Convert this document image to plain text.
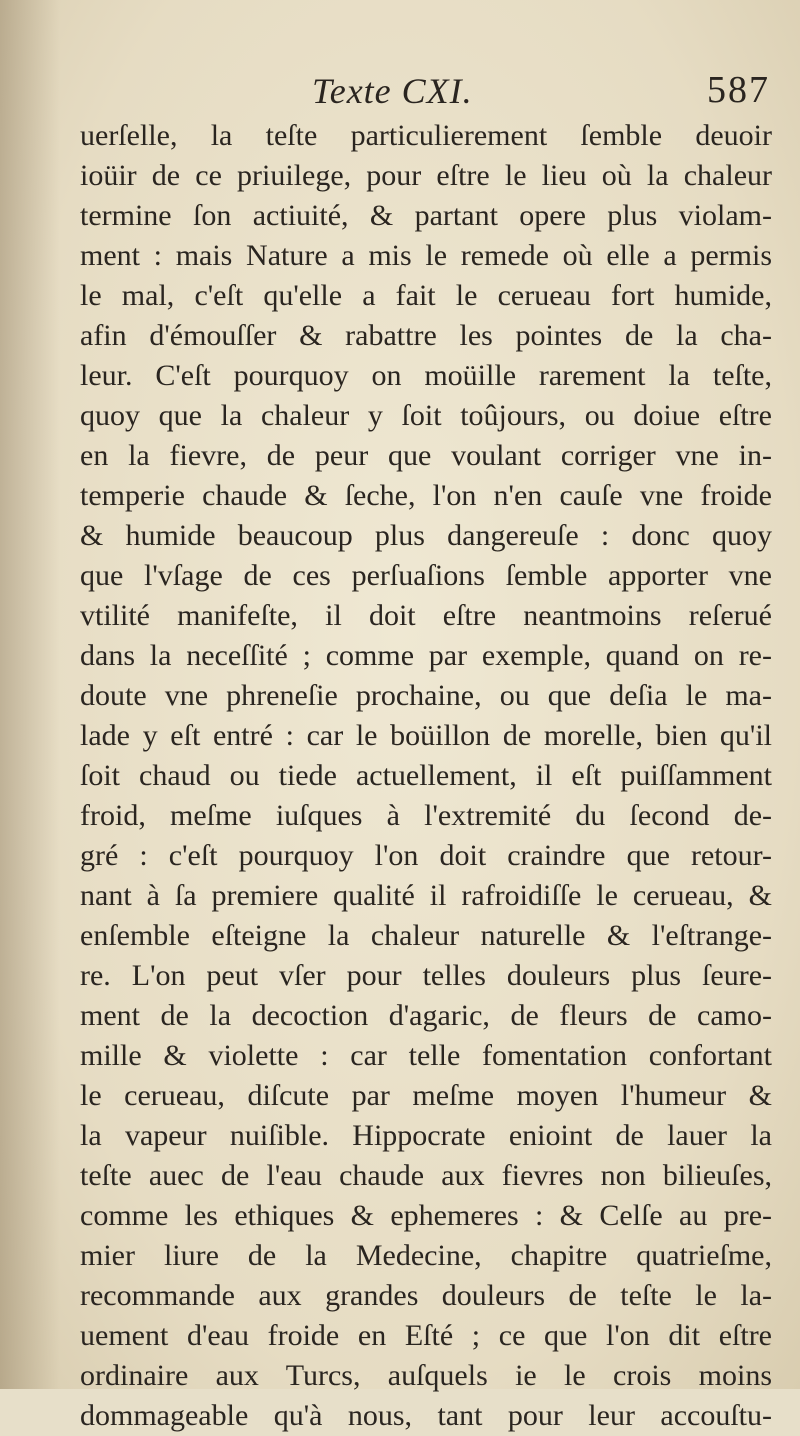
Texte CXI.	587
uerſelle, la teſte particulierement ſemble deuoir
ioüir de ce priuilege, pour eſtre le lieu où la chaleur
termine ſon actiuité, & partant opere plus violam-
ment : mais Nature a mis le remede où elle a permis
le mal, c'eſt qu'elle a fait le cerueau fort humide,
afin d'émouſſer & rabattre les pointes de la cha-
leur. C'eſt pourquoy on moüille rarement la teſte,
quoy que la chaleur y ſoit toûjours, ou doiue eſtre
en la fievre, de peur que voulant corriger vne in-
temperie chaude & ſeche, l'on n'en cauſe vne froide
& humide beaucoup plus dangereuſe : donc quoy
que l'vſage de ces perſuaſions ſemble apporter vne
vtilité manifeſte, il doit eſtre neantmoins reſerué
dans la neceſſité ; comme par exemple, quand on re-
doute vne phreneſie prochaine, ou que deſia le ma-
lade y eſt entré : car le boüillon de morelle, bien qu'il
ſoit chaud ou tiede actuellement, il eſt puiſſamment
froid, meſme iuſques à l'extremité du ſecond de-
gré : c'eſt pourquoy l'on doit craindre que retour-
nant à ſa premiere qualité il rafroidiſſe le cerueau, &
enſemble eſteigne la chaleur naturelle & l'eſtrange-
re. L'on peut vſer pour telles douleurs plus ſeure-
ment de la decoction d'agaric, de fleurs de camo-
mille & violette : car telle fomentation confortant
le cerueau, diſcute par meſme moyen l'humeur &
la vapeur nuiſible. Hippocrate enioint de lauer la
teſte auec de l'eau chaude aux fievres non bilieuſes,
comme les ethiques & ephemeres : & Celſe au pre-
mier liure de la Medecine, chapitre quatrieſme,
recommande aux grandes douleurs de teſte le la-
uement d'eau froide en Eſté ; ce que l'on dit eſtre
ordinaire aux Turcs, auſquels ie le crois moins
dommageable qu'à nous, tant pour leur accouſtu-
